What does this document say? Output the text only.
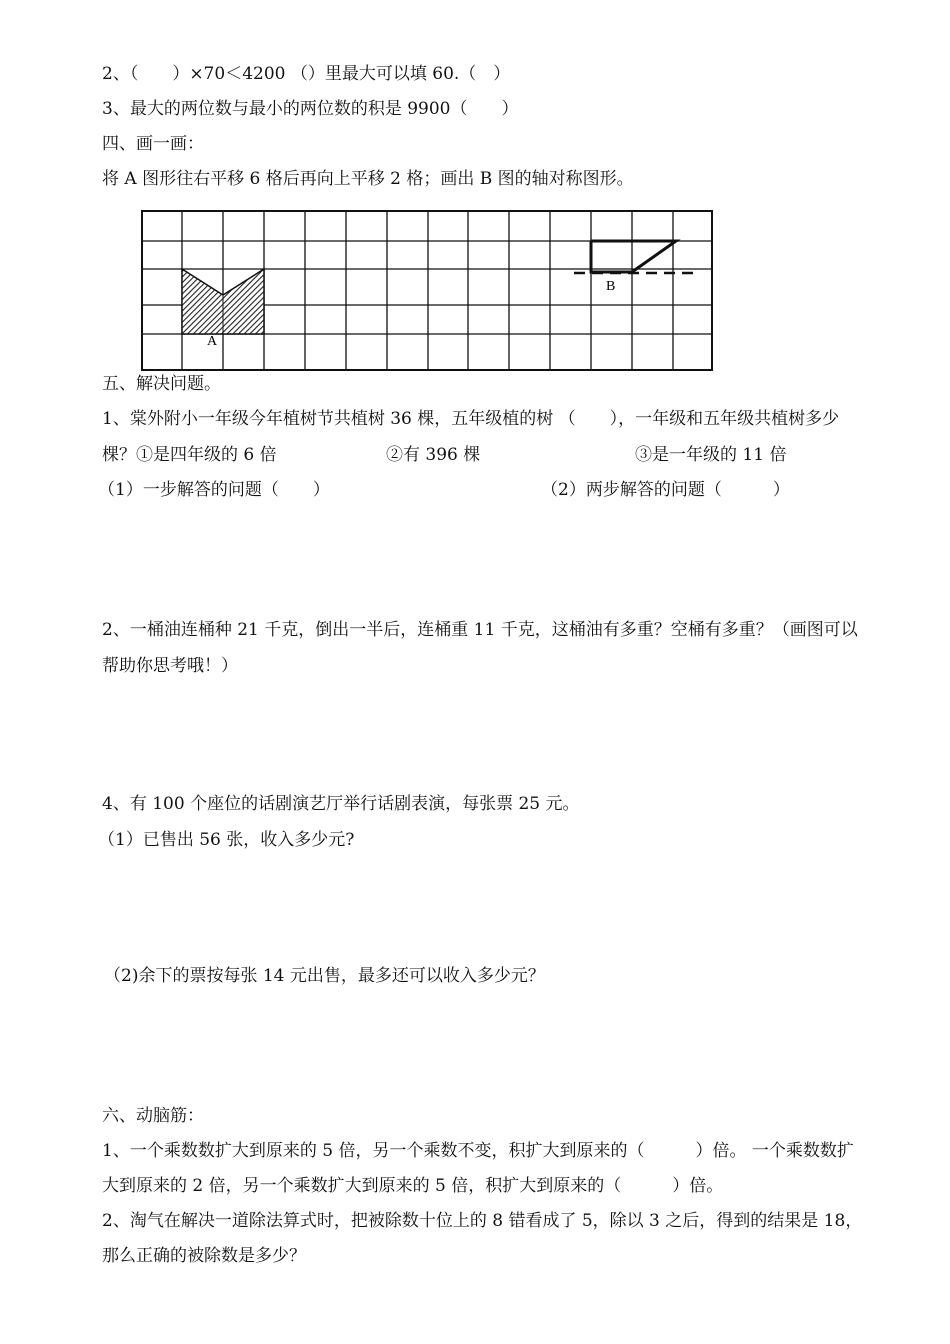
2、（　　）×70＜4200 （）里最大可以填 60.（　）
3、最大的两位数与最小的两位数的积是 9900（　　）
四、画一画：
将 A 图形往右平移 6 格后再向上平移 2 格；画出 B 图的轴对称图形。
A
B
五、解决问题。
1、棠外附小一年级今年植树节共植树 36 棵，五年级植的树 （　　），一年级和五年级共植树多少
棵？①是四年级的 6 倍	②有 396 棵	③是一年级的 11 倍
（1）一步解答的问题（　　）	（2）两步解答的问题（　　　）
2、一桶油连桶种 21 千克，倒出一半后，连桶重 11 千克，这桶油有多重？空桶有多重？（画图可以
帮助你思考哦！）
4、有 100 个座位的话剧演艺厅举行话剧表演，每张票 25 元。
（1）已售出 56 张，收入多少元?
（2)余下的票按每张 14 元出售，最多还可以收入多少元？
六、动脑筋：
1、一个乘数数扩大到原来的 5 倍，另一个乘数不变，积扩大到原来的（　　　）倍。 一个乘数数扩
大到原来的 2 倍，另一个乘数扩大到原来的 5 倍，积扩大到原来的（　　　）倍。
2、淘气在解决一道除法算式时，把被除数十位上的 8 错看成了 5，除以 3 之后，得到的结果是 18，
那么正确的被除数是多少？
